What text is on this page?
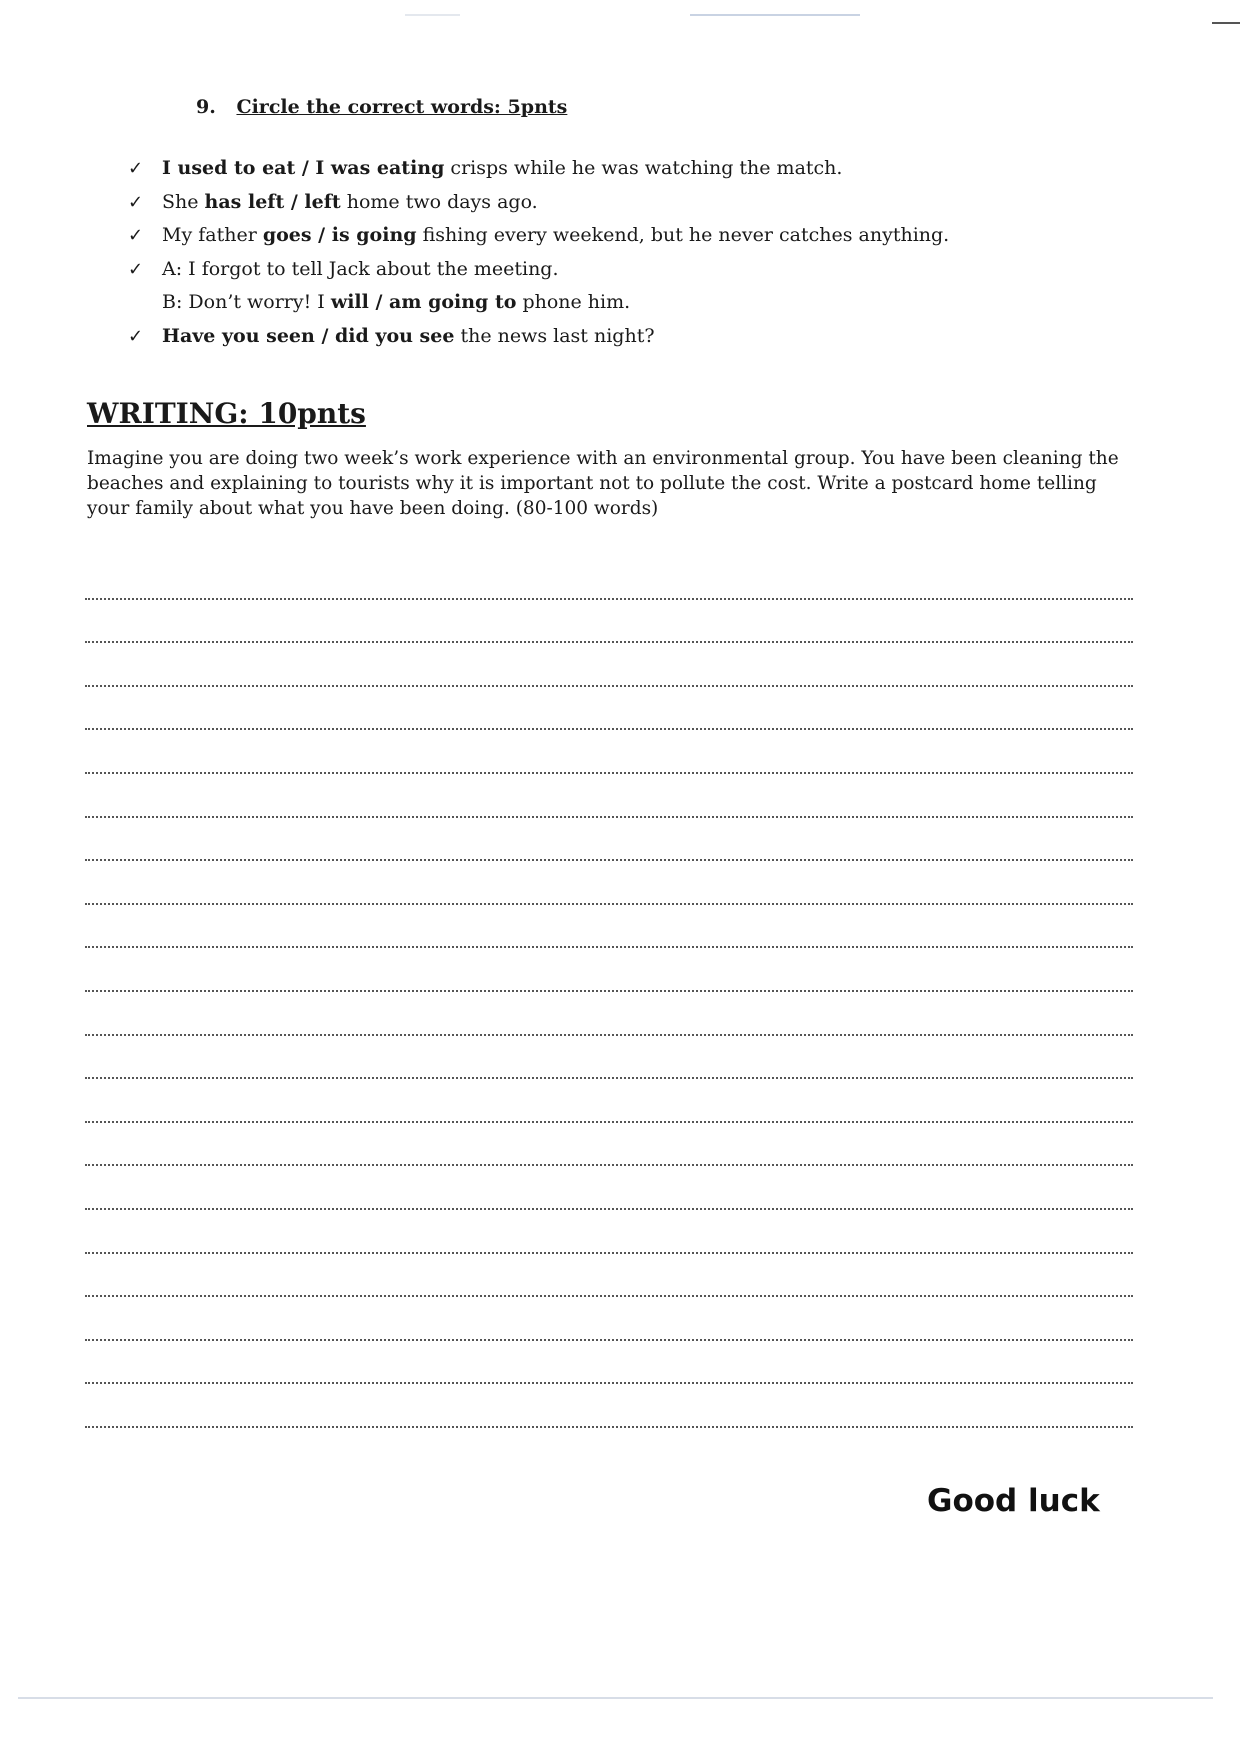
9. Circle the correct words: 5pnts
✓ I used to eat / I was eating crisps while he was watching the match.
✓ She has left / left home two days ago.
✓ My father goes / is going fishing every weekend, but he never catches anything.
✓ A: I forgot to tell Jack about the meeting.
B: Don’t worry! I will / am going to phone him.
✓ Have you seen / did you see the news last night?
WRITING: 10pnts
Imagine you are doing two week’s work experience with an environmental group. You have been cleaning the beaches and explaining to tourists why it is important not to pollute the cost. Write a postcard home telling your family about what you have been doing. (80-100 words)
Good luck
